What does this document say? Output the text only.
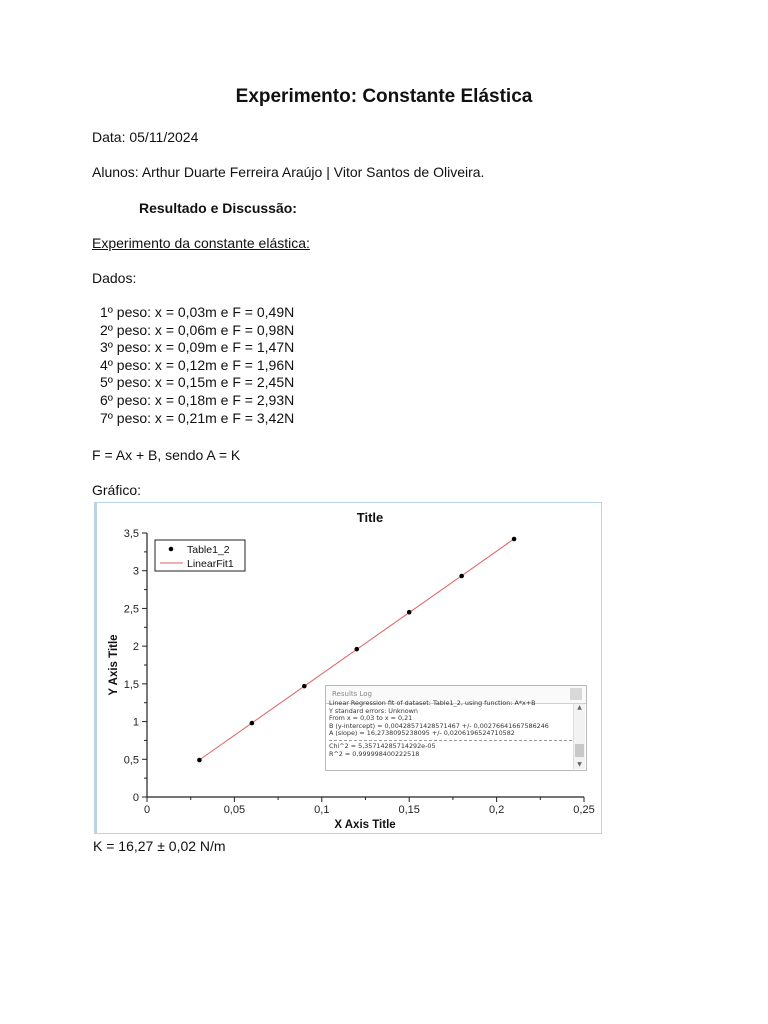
Experimento: Constante Elástica
Data: 05/11/2024
Alunos: Arthur Duarte Ferreira Araújo | Vitor Santos de Oliveira.
Resultado e Discussão:
Experimento da constante elástica:
Dados:
1º peso: x = 0,03m e F = 0,49N
2º peso: x = 0,06m e F = 0,98N
3º peso: x = 0,09m e F = 1,47N
4º peso: x = 0,12m e F = 1,96N
5º peso: x = 0,15m e F = 2,45N
6º peso: x = 0,18m e F = 2,93N
7º peso: x = 0,21m e F = 3,42N
F = Ax + B, sendo A = K
Gráfico:
Title
0	0,05	0,1	0,15	0,2	0,25
0
0,5
1
1,5
2
2,5
3
3,5
X Axis Title
Y Axis Title
Table1_2
LinearFit1
Results Log
Linear Regression fit of dataset: Table1_2, using function: A*x+B
Y standard errors: Unknown
From x = 0,03 to x = 0,21
B (y-intercept) = 0,00428571428571467 +/- 0,00276641667586246
A (slope) = 16,2738095238095 +/- 0,0206196524710582
Chi^2 = 5,35714285714292e-05
R^2 = 0,999998400222518
▲
▼
K = 16,27 ± 0,02 N/m
